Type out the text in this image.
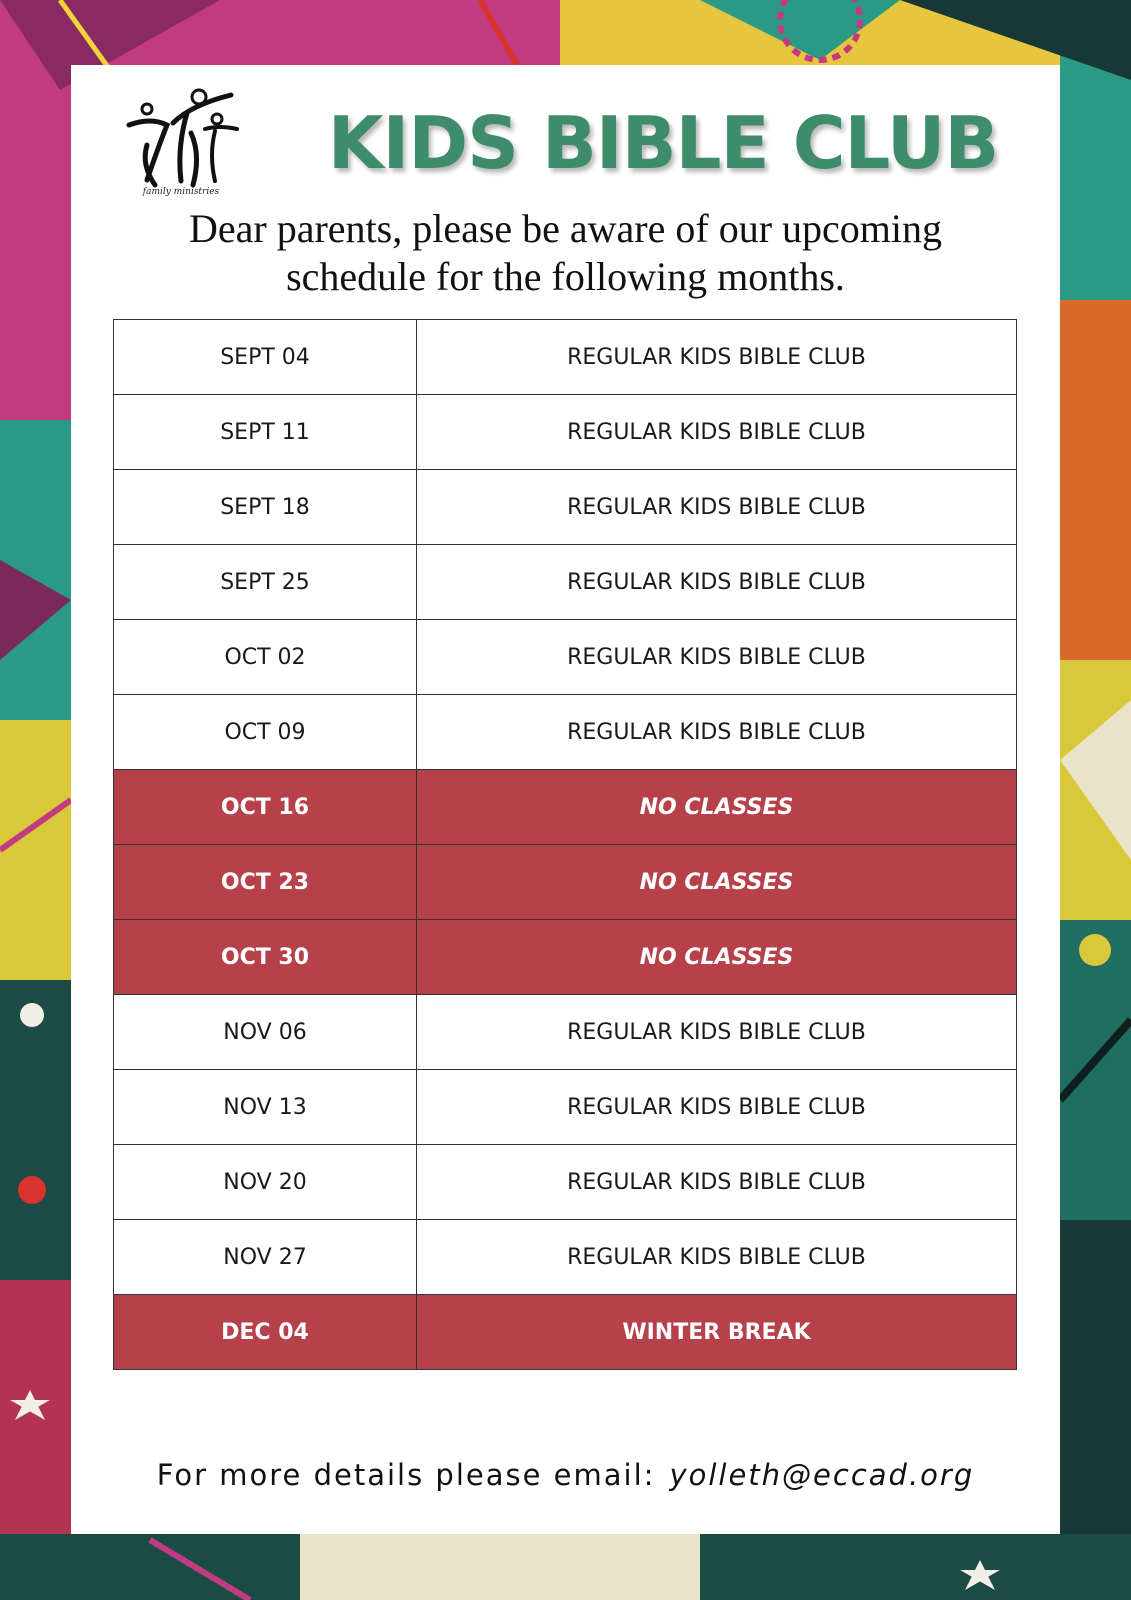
family ministries
KIDS BIBLE CLUB
Dear parents, please be aware of our upcoming
schedule for the following months.
SEPT 04	REGULAR KIDS BIBLE CLUB
SEPT 11	REGULAR KIDS BIBLE CLUB
SEPT 18	REGULAR KIDS BIBLE CLUB
SEPT 25	REGULAR KIDS BIBLE CLUB
OCT 02	REGULAR KIDS BIBLE CLUB
OCT 09	REGULAR KIDS BIBLE CLUB
OCT 16	NO CLASSES
OCT 23	NO CLASSES
OCT 30	NO CLASSES
NOV 06	REGULAR KIDS BIBLE CLUB
NOV 13	REGULAR KIDS BIBLE CLUB
NOV 20	REGULAR KIDS BIBLE CLUB
NOV 27	REGULAR KIDS BIBLE CLUB
DEC 04	WINTER BREAK
For more details please email: yolleth@eccad.org
